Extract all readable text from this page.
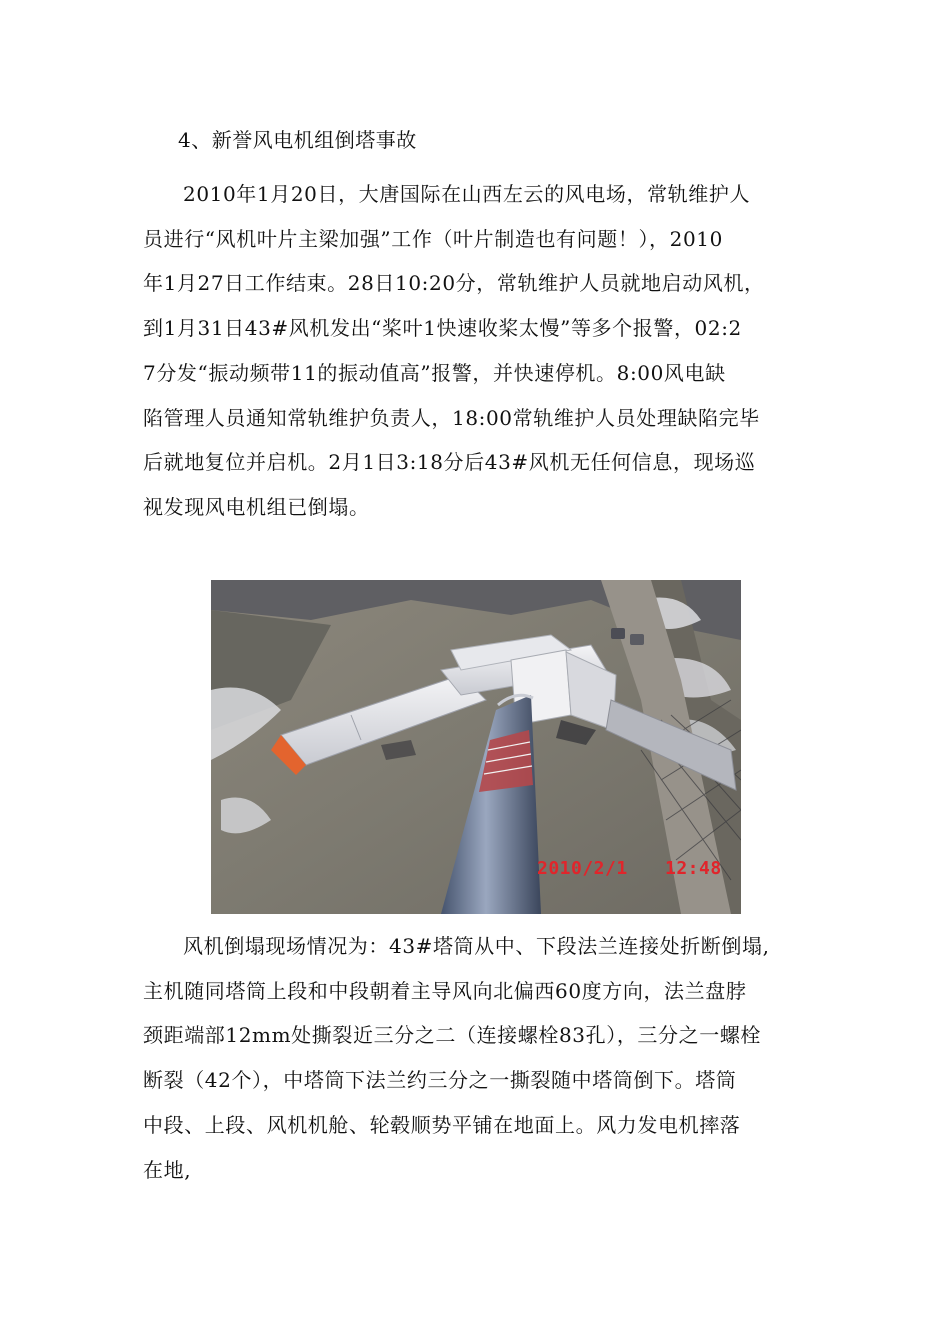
4、新誉风电机组倒塔事故
2010年1月20日，大唐国际在山西左云的风电场，常轨维护人
员进行“风机叶片主梁加强”工作（叶片制造也有问题！），2010
年1月27日工作结束。28日10:20分，常轨维护人员就地启动风机，
到1月31日43#风机发出“桨叶1快速收桨太慢”等多个报警，02:2
7分发“振动频带11的振动值高”报警，并快速停机。8:00风电缺
陷管理人员通知常轨维护负责人，18:00常轨维护人员处理缺陷完毕
后就地复位并启机。2月1日3:18分后43#风机无任何信息，现场巡
视发现风电机组已倒塌。
2010/2/1 12:48
风机倒塌现场情况为：43#塔筒从中、下段法兰连接处折断倒塌,
主机随同塔筒上段和中段朝着主导风向北偏西60度方向，法兰盘脖
颈距端部12mm处撕裂近三分之二（连接螺栓83孔），三分之一螺栓
断裂（42个），中塔筒下法兰约三分之一撕裂随中塔筒倒下。塔筒
中段、上段、风机机舱、轮毂顺势平铺在地面上。风力发电机摔落
在地,
